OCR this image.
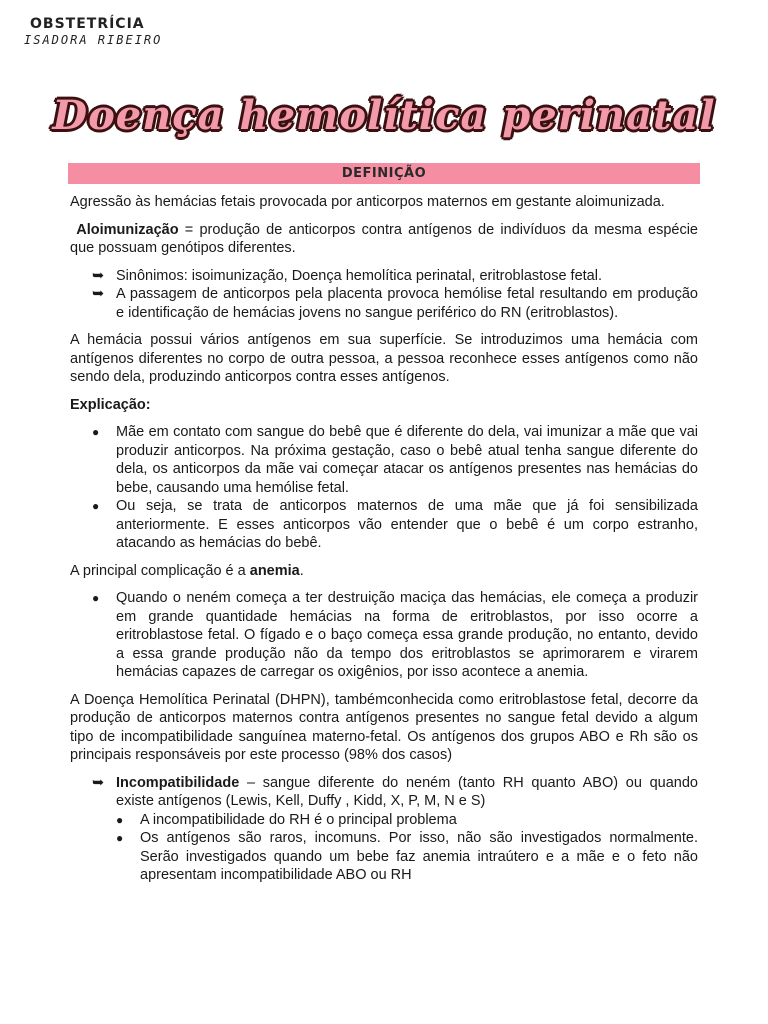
OBSTETRÍCIA
ISADORA RIBEIRO
Doença hemolítica perinatal
DEFINIÇÃO

Agressão às hemácias fetais provocada por anticorpos maternos em gestante aloimunizada.

Aloimunização = produção de anticorpos contra antígenos de indivíduos da mesma espécie que possuam genótipos diferentes.

➥ Sinônimos: isoimunização, Doença hemolítica perinatal, eritroblastose fetal.
➥ A passagem de anticorpos pela placenta provoca hemólise fetal resultando em produção e identificação de hemácias jovens no sangue periférico do RN (eritroblastos).

A hemácia possui vários antígenos em sua superfície. Se introduzimos uma hemácia com antígenos diferentes no corpo de outra pessoa, a pessoa reconhece esses antígenos como não sendo dela, produzindo anticorpos contra esses antígenos.

Explicação:

●	Mãe em contato com sangue do bebê que é diferente do dela, vai imunizar a mãe que vai produzir anticorpos. Na próxima gestação, caso o bebê atual tenha sangue diferente do dela, os anticorpos da mãe vai começar atacar os antígenos presentes nas hemácias do bebe, causando uma hemólise fetal.
●	Ou seja, se trata de anticorpos maternos de uma mãe que já foi sensibilizada anteriormente. E esses anticorpos vão entender que o bebê é um corpo estranho, atacando as hemácias do bebê.

A principal complicação é a anemia.

●	Quando o neném começa a ter destruição maciça das hemácias, ele começa a produzir em grande quantidade hemácias na forma de eritroblastos, por isso ocorre a eritroblastose fetal. O fígado e o baço começa essa grande produção, no entanto, devido a essa grande produção não da tempo dos eritroblastos se aprimorarem e virarem hemácias capazes de carregar os oxigênios, por isso acontece a anemia.

A Doença Hemolítica Perinatal (DHPN), tambémconhecida como eritroblastose fetal, decorre da produção de anticorpos maternos contra antígenos presentes no sangue fetal devido a algum tipo de incompatibilidade sanguínea materno-fetal. Os antígenos dos grupos ABO e Rh são os principais responsáveis por este processo (98% dos casos)

➥ Incompatibilidade – sangue diferente do neném (tanto RH quanto ABO) ou quando existe antígenos (Lewis, Kell, Duffy , Kidd, X, P, M, N e S)
●	A incompatibilidade do RH é o principal problema
●	Os antígenos são raros, incomuns. Por isso, não são investigados normalmente. Serão investigados quando um bebe faz anemia intraútero e a mãe e o feto não apresentam incompatibilidade ABO ou RH
